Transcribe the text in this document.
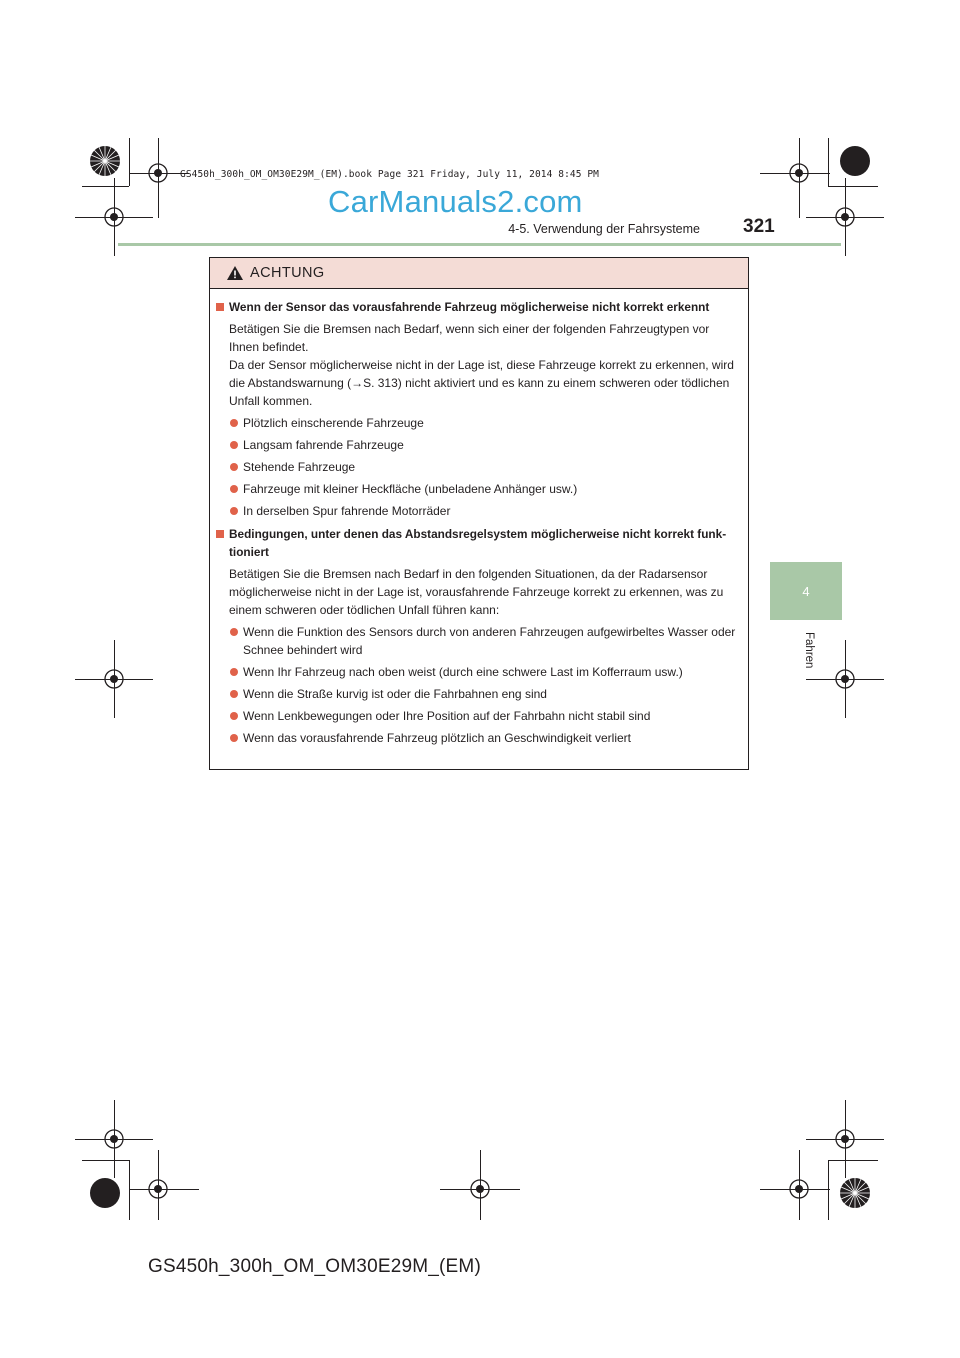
GS450h_300h_OM_OM30E29M_(EM).book Page 321 Friday, July 11, 2014 8:45 PM
CarManuals2.com
4-5. Verwendung der Fahrsysteme 321
4
Fahren
ACHTUNG
Wenn der Sensor das vorausfahrende Fahrzeug möglicherweise nicht korrekt erkennt
Betätigen Sie die Bremsen nach Bedarf, wenn sich einer der folgenden Fahrzeugtypen vor Ihnen befindet.
Da der Sensor möglicherweise nicht in der Lage ist, diese Fahrzeuge korrekt zu erkennen, wird die Abstandswarnung (→S. 313) nicht aktiviert und es kann zu einem schweren oder tödlichen Unfall kommen.
Plötzlich einscherende Fahrzeuge
Langsam fahrende Fahrzeuge
Stehende Fahrzeuge
Fahrzeuge mit kleiner Heckfläche (unbeladene Anhänger usw.)
In derselben Spur fahrende Motorräder
Bedingungen, unter denen das Abstandsregelsystem möglicherweise nicht korrekt funktioniert
Betätigen Sie die Bremsen nach Bedarf in den folgenden Situationen, da der Radarsensor möglicherweise nicht in der Lage ist, vorausfahrende Fahrzeuge korrekt zu erkennen, was zu einem schweren oder tödlichen Unfall führen kann:
Wenn die Funktion des Sensors durch von anderen Fahrzeugen aufgewirbeltes Wasser oder Schnee behindert wird
Wenn Ihr Fahrzeug nach oben weist (durch eine schwere Last im Kofferraum usw.)
Wenn die Straße kurvig ist oder die Fahrbahnen eng sind
Wenn Lenkbewegungen oder Ihre Position auf der Fahrbahn nicht stabil sind
Wenn das vorausfahrende Fahrzeug plötzlich an Geschwindigkeit verliert
GS450h_300h_OM_OM30E29M_(EM)
